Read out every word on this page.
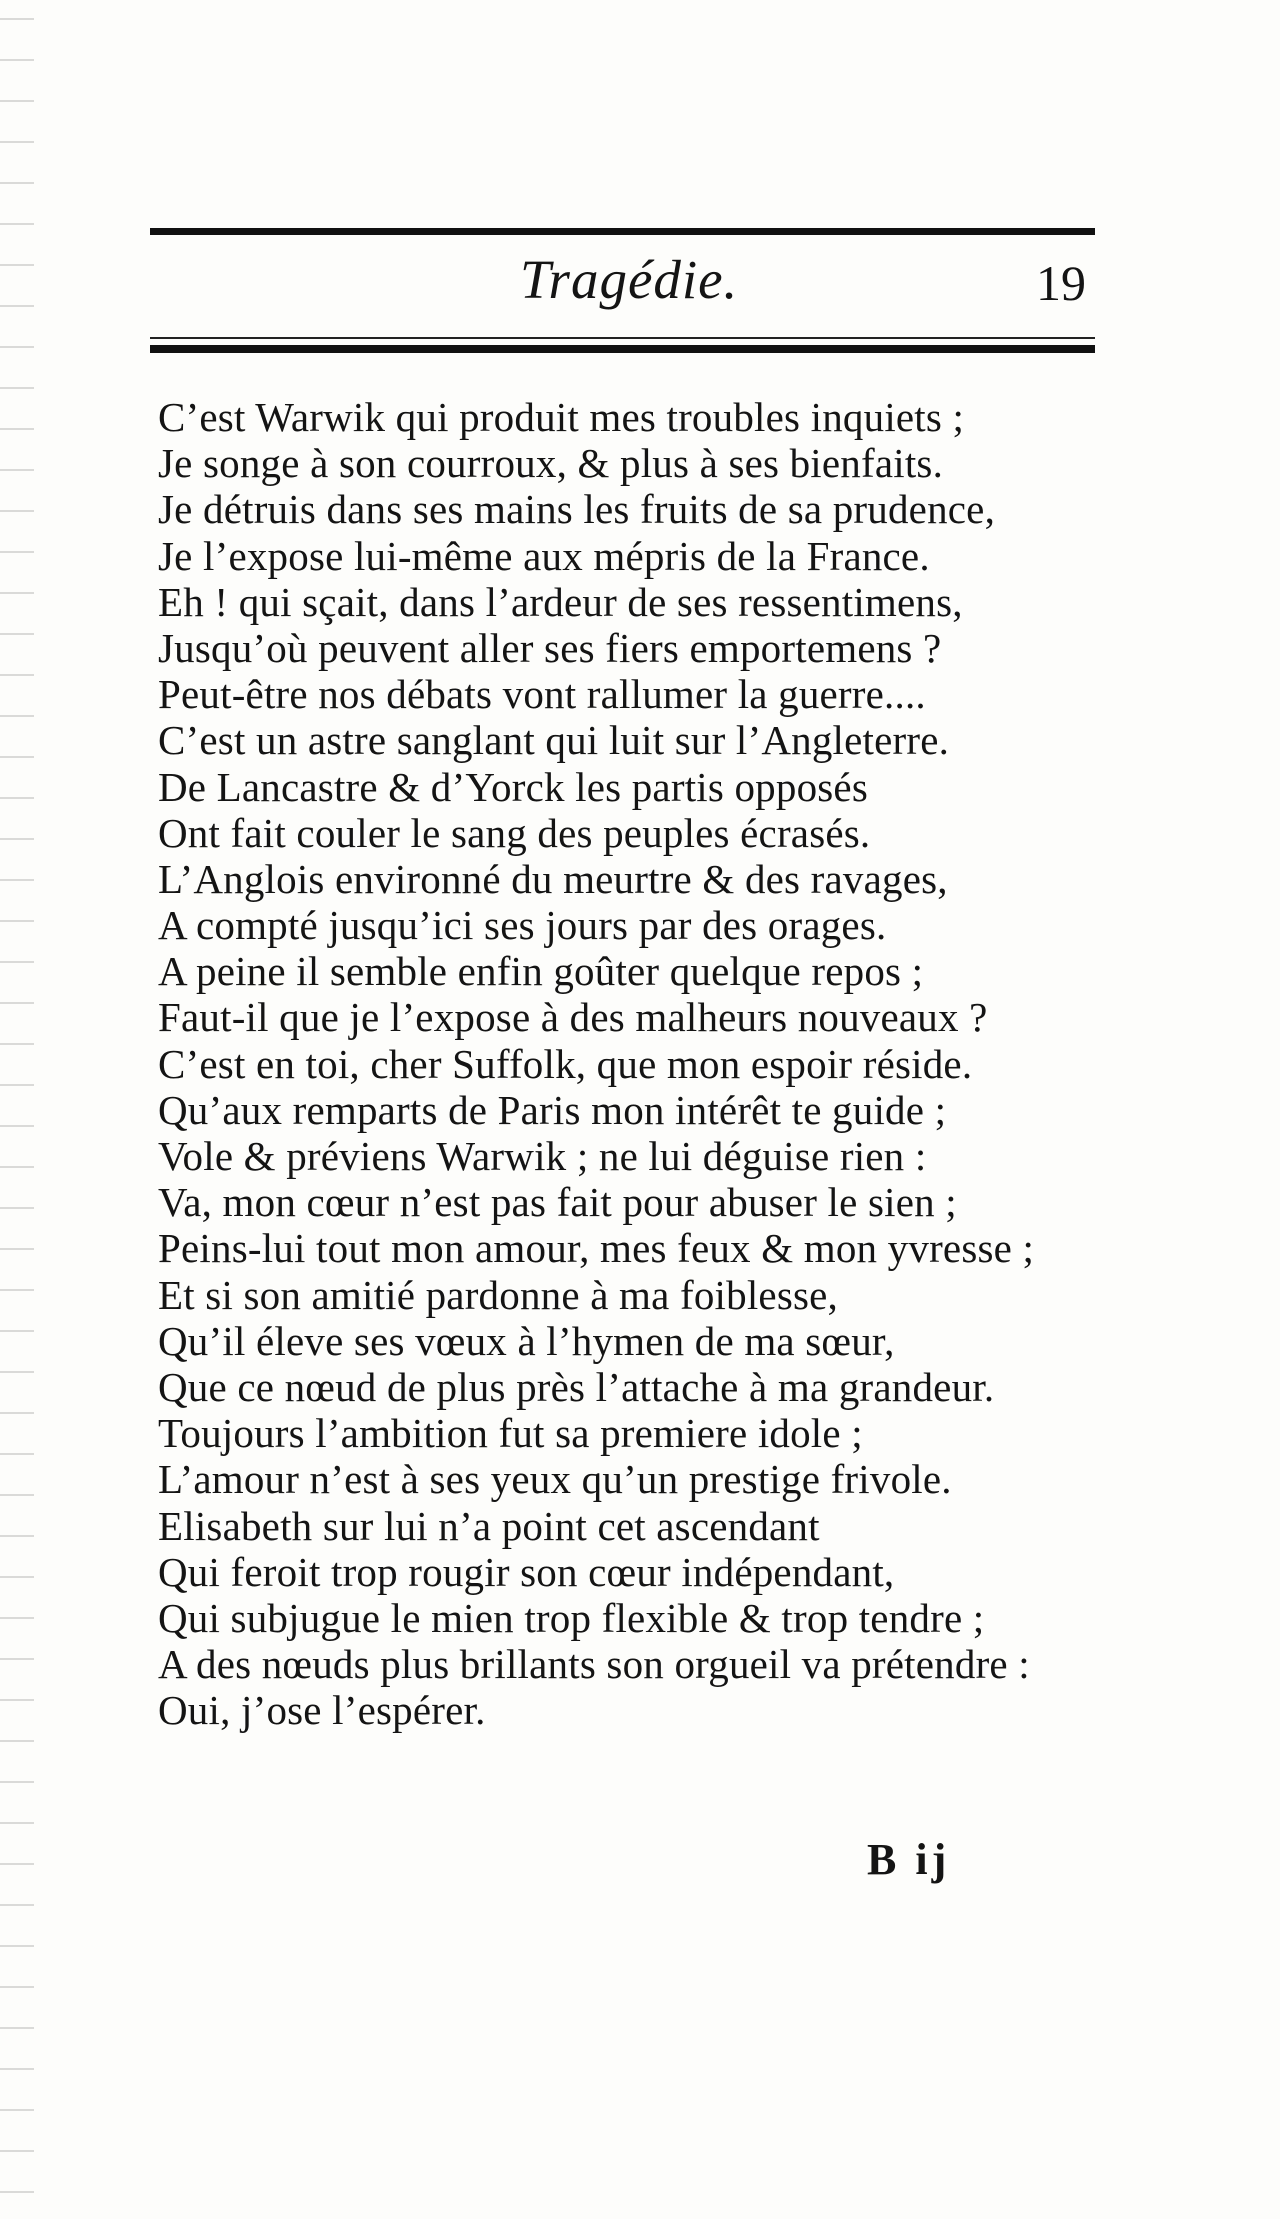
Tragédie.	19
C’est Warwik qui produit mes troubles inquiets ;
Je songe à son courroux, & plus à ses bienfaits.
Je détruis dans ses mains les fruits de sa prudence,
Je l’expose lui-même aux mépris de la France.
Eh ! qui sçait, dans l’ardeur de ses ressentimens,
Jusqu’où peuvent aller ses fiers emportemens ?
Peut-être nos débats vont rallumer la guerre....
C’est un astre sanglant qui luit sur l’Angleterre.
De Lancastre & d’Yorck les partis opposés
Ont fait couler le sang des peuples écrasés.
L’Anglois environné du meurtre & des ravages,
A compté jusqu’ici ses jours par des orages.
A peine il semble enfin goûter quelque repos ;
Faut-il que je l’expose à des malheurs nouveaux ?
C’est en toi, cher Suffolk, que mon espoir réside.
Qu’aux remparts de Paris mon intérêt te guide ;
Vole & préviens Warwik ; ne lui déguise rien :
Va, mon cœur n’est pas fait pour abuser le sien ;
Peins-lui tout mon amour, mes feux & mon yvresse ;
Et si son amitié pardonne à ma foiblesse,
Qu’il éleve ses vœux à l’hymen de ma sœur,
Que ce nœud de plus près l’attache à ma grandeur.
Toujours l’ambition fut sa premiere idole ;
L’amour n’est à ses yeux qu’un prestige frivole.
Elisabeth sur lui n’a point cet ascendant
Qui feroit trop rougir son cœur indépendant,
Qui subjugue le mien trop flexible & trop tendre ;
A des nœuds plus brillants son orgueil va prétendre :
Oui, j’ose l’espérer.
B ij
